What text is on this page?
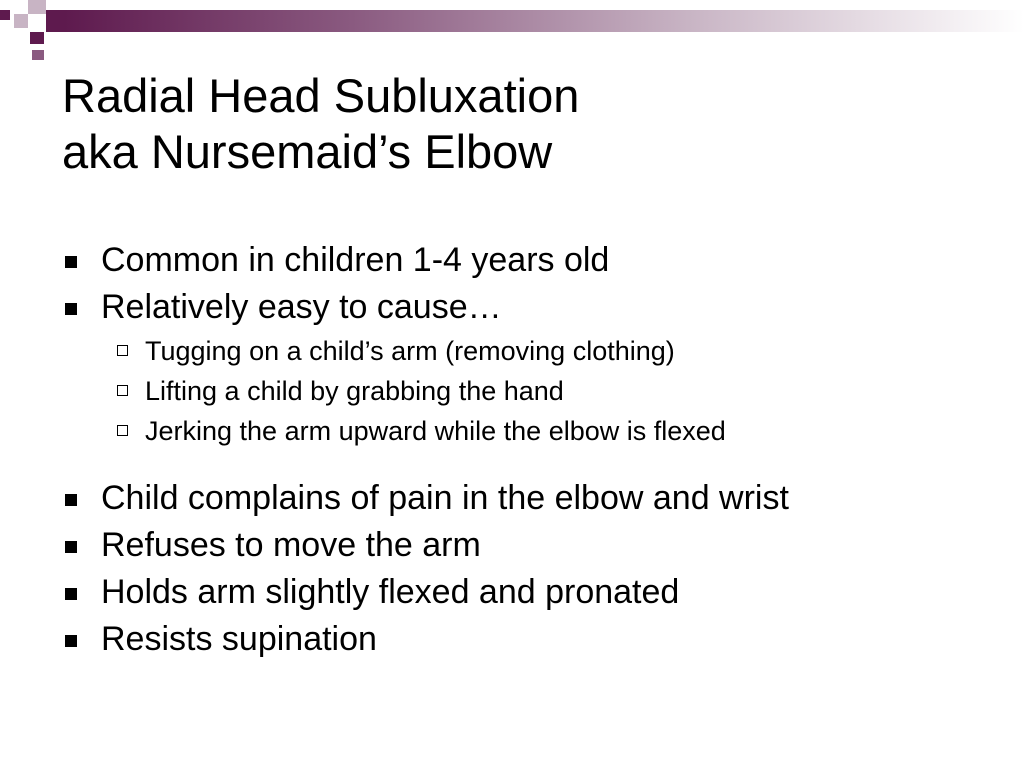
Radial Head Subluxation
aka Nursemaid’s Elbow
Common in children 1-4 years old
Relatively easy to cause…
Tugging on a child’s arm (removing clothing)
Lifting a child by grabbing the hand
Jerking the arm upward while the elbow is flexed
Child complains of pain in the elbow and wrist
Refuses to move the arm
Holds arm slightly flexed and pronated
Resists supination
